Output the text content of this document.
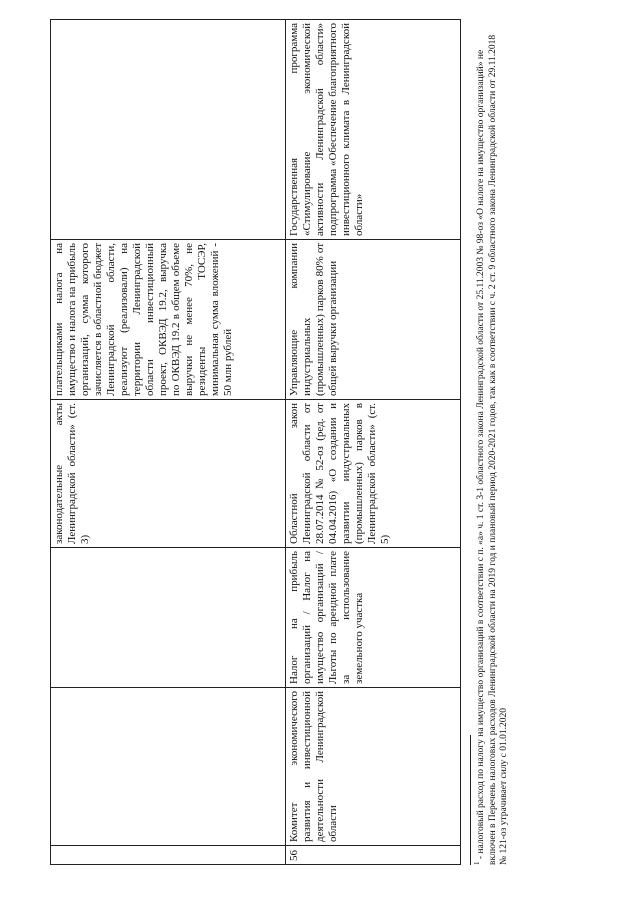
			законодательные акты Ленинградской области» (ст. 3)	плательщиками налога на имущество и налога на прибыль организаций, сумма которого зачисляется в областной бюджет Ленинградской области, реализуют (реализовали) на территории Ленинградской области инвестиционный проект, ОКВЭД 19.2, выручка по ОКВЭД 19.2 в общем объеме выручки не менее 70%, не резиденты ТОСЭР, минимальная сумма вложений - 50 млн рублей	
56	Комитет экономического развития и инвестиционной деятельности Ленинградской области	Налог на прибыль организаций / Налог на имущество организаций / Льготы по арендной плате за использование земельного участка	Областной закон Ленинградской области от 28.07.2014 № 52-оз (ред. от 04.04.2016) «О создании и развитии индустриальных (промышленных) парков в Ленинградской области» (ст. 5)	Управляющие компании индустриальных (промышленных) парков 80% от общей выручки организации	Государственная программа «Стимулирование экономической активности Ленинградской области» подпрограмма «Обеспечение благоприятного инвестиционного климата в Ленинградской области»
$^1$ - налоговый расход по налогу на имущество организаций в соответствии с п. «а» ч. 1 ст. 3-1 областного закона Ленинградской области от 25.11.2003 № 98-оз «О налоге на имущество организаций» не включен в Перечень налоговых расходов Ленинградской области на 2019 год и плановый период 2020-2021 годов, так как в соответствии с ч. 2 ст. 9 областного закона Ленинградской области от 29.11.2018 № 121-оз утрачивает силу с 01.01.2020
